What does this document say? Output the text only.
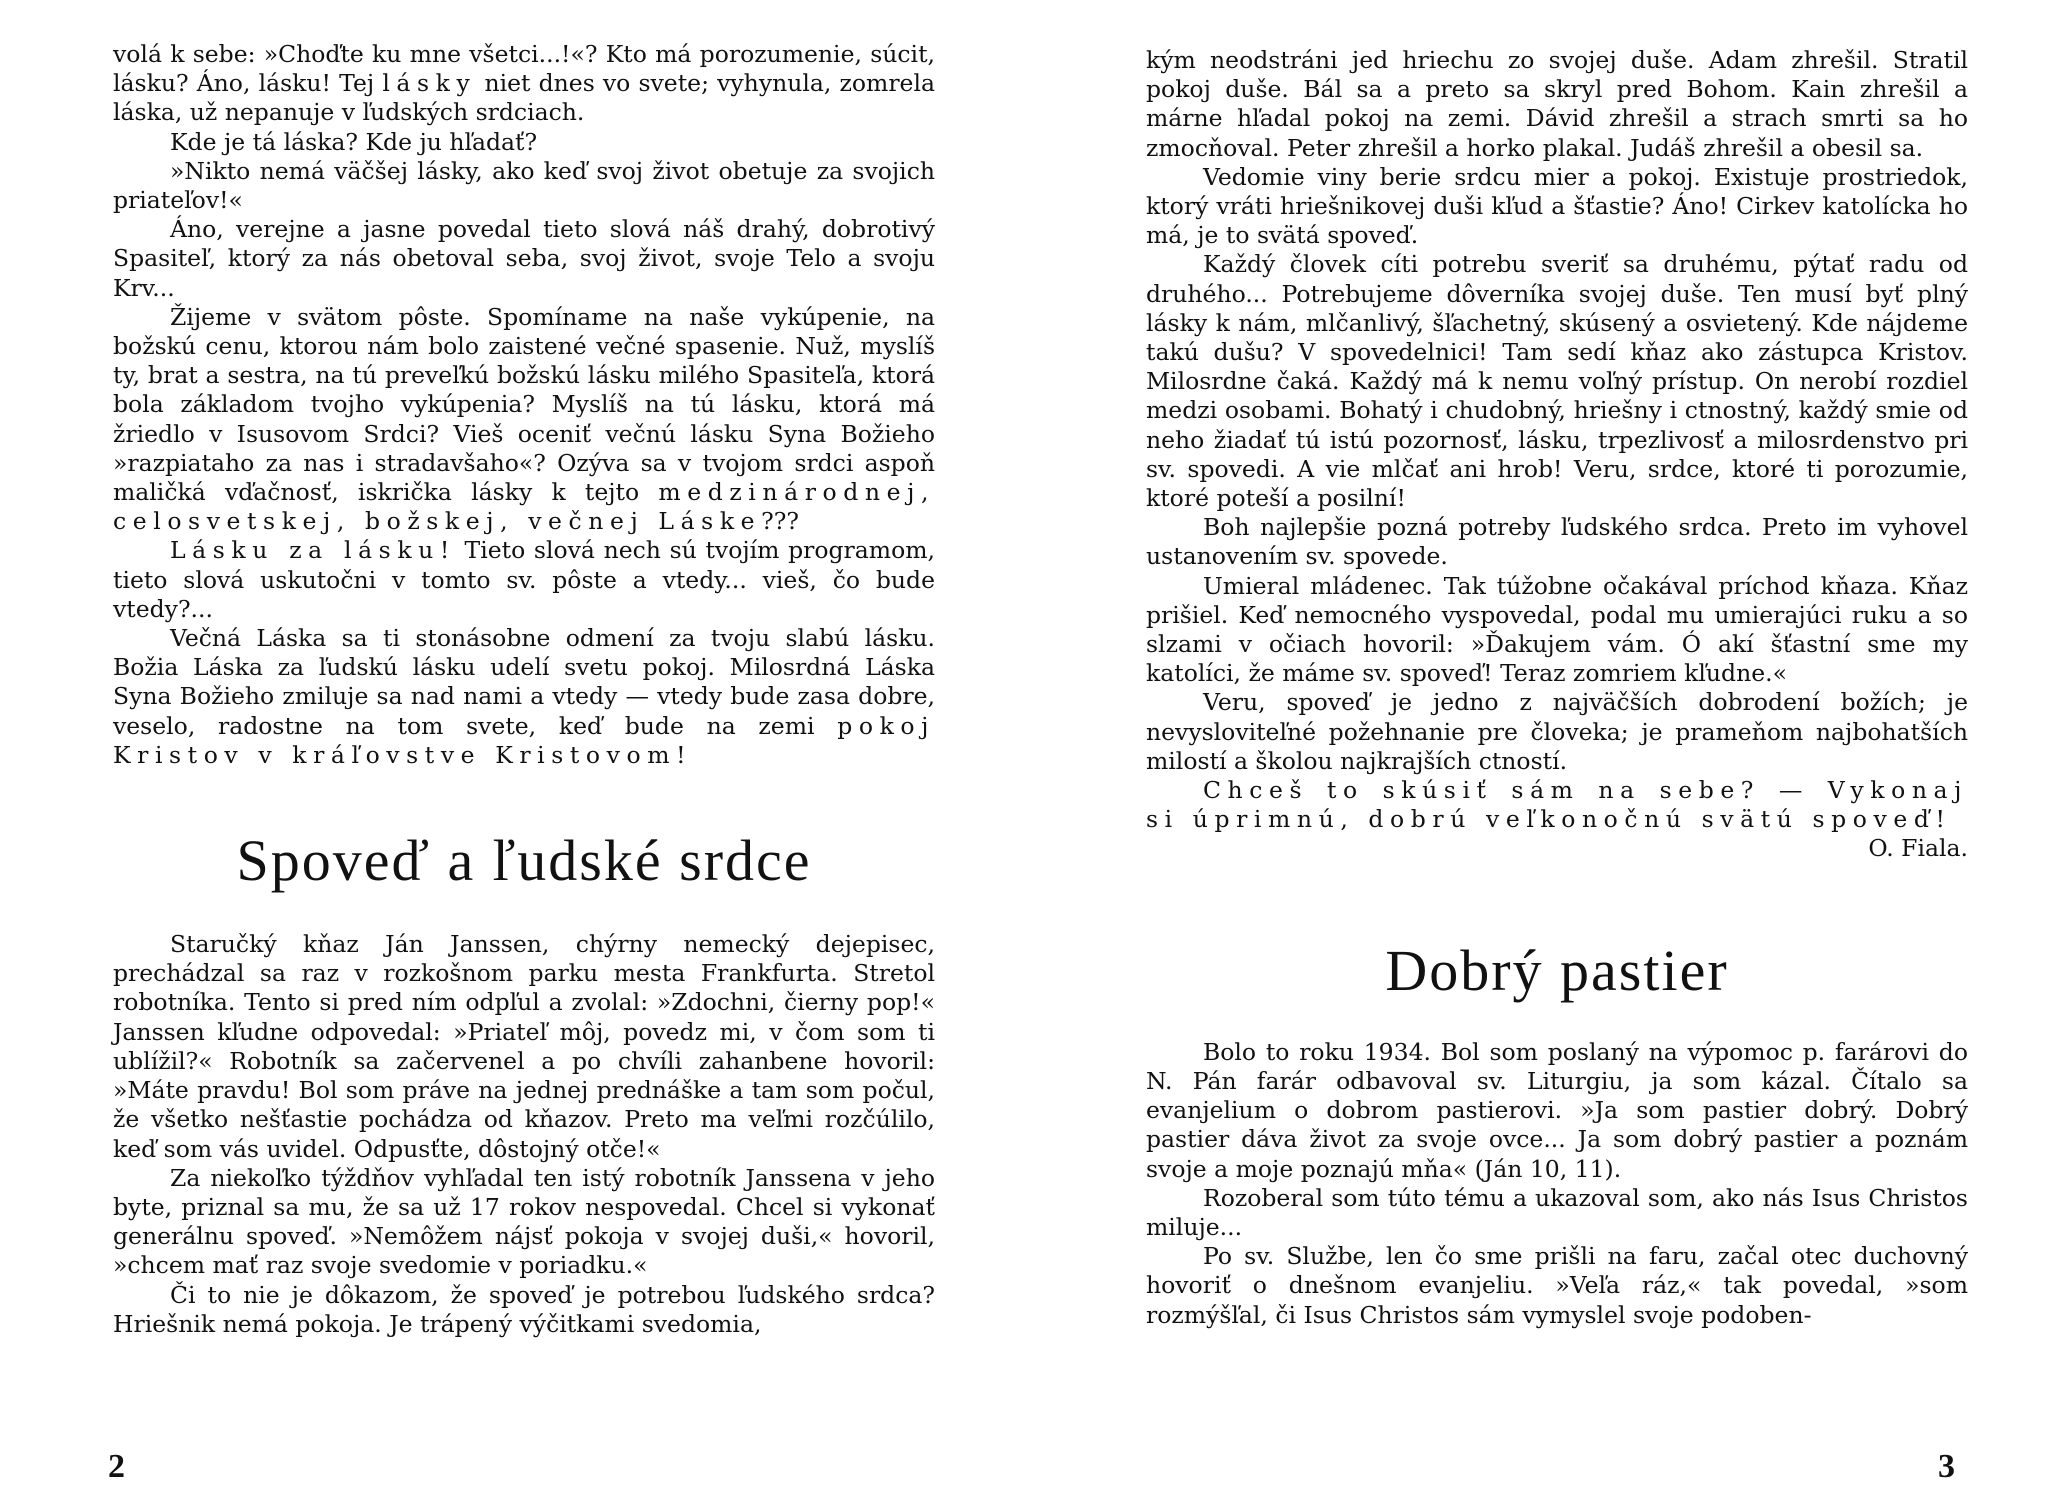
volá k sebe: »Choďte ku mne všetci...!«? Kto má porozumenie, súcit, lásku? Áno, lásku! Tej lásky niet dnes vo svete; vyhynula, zomrela láska, už nepanuje v ľudských srdciach.

Kde je tá láska? Kde ju hľadať?

»Nikto nemá väčšej lásky, ako keď svoj život obetuje za svojich priateľov!«

Áno, verejne a jasne povedal tieto slová náš drahý, dobrotivý Spasiteľ, ktorý za nás obetoval seba, svoj život, svoje Telo a svoju Krv...

Žijeme v svätom pôste. Spomíname na naše vykúpenie, na božskú cenu, ktorou nám bolo zaistené večné spasenie. Nuž, myslíš ty, brat a sestra, na tú preveľkú božskú lásku milého Spasiteľa, ktorá bola základom tvojho vykúpenia? Myslíš na tú lásku, ktorá má žriedlo v Isusovom Srdci? Vieš oceniť večnú lásku Syna Božieho »razpiataho za nas i stradavšaho«? Ozýva sa v tvojom srdci aspoň maličká vďačnosť, iskrička lásky k tejto medzinárodnej, celosvetskej, božskej, večnej Láske???

Lásku za lásku! Tieto slová nech sú tvojím programom, tieto slová uskutočni v tomto sv. pôste a vtedy... vieš, čo bude vtedy?...

Večná Láska sa ti stonásobne odmení za tvoju slabú lásku. Božia Láska za ľudskú lásku udelí svetu pokoj. Milosrdná Láska Syna Božieho zmiluje sa nad nami a vtedy — vtedy bude zasa dobre, veselo, radostne na tom svete, keď bude na zemi pokoj Kristov v kráľovstve Kristovom!

Spoveď a ľudské srdce

Staručký kňaz Ján Janssen, chýrny nemecký dejepisec, prechádzal sa raz v rozkošnom parku mesta Frankfurta. Stretol robotníka. Tento si pred ním odpľul a zvolal: »Zdochni, čierny pop!« Janssen kľudne odpovedal: »Priateľ môj, povedz mi, v čom som ti ublížil?« Robotník sa začervenel a po chvíli zahanbene hovoril: »Máte pravdu! Bol som práve na jednej prednáške a tam som počul, že všetko nešťastie pochádza od kňazov. Preto ma veľmi rozčúlilo, keď som vás uvidel. Odpusťte, dôstojný otče!«

Za niekoľko týždňov vyhľadal ten istý robotník Janssena v jeho byte, priznal sa mu, že sa už 17 rokov nespovedal. Chcel si vykonať generálnu spoveď. »Nemôžem nájsť pokoja v svojej duši,« hovoril, »chcem mať raz svoje svedomie v poriadku.«

Či to nie je dôkazom, že spoveď je potrebou ľudského srdca? Hriešnik nemá pokoja. Je trápený výčitkami svedomia,

2

kým neodstráni jed hriechu zo svojej duše. Adam zhrešil. Stratil pokoj duše. Bál sa a preto sa skryl pred Bohom. Kain zhrešil a márne hľadal pokoj na zemi. Dávid zhrešil a strach smrti sa ho zmocňoval. Peter zhrešil a horko plakal. Judáš zhrešil a obesil sa.

Vedomie viny berie srdcu mier a pokoj. Existuje prostriedok, ktorý vráti hriešnikovej duši kľud a šťastie? Áno! Cirkev katolícka ho má, je to svätá spoveď.

Každý človek cíti potrebu sveriť sa druhému, pýtať radu od druhého... Potrebujeme dôverníka svojej duše. Ten musí byť plný lásky k nám, mlčanlivý, šľachetný, skúsený a osvietený. Kde nájdeme takú dušu? V spovedelnici! Tam sedí kňaz ako zástupca Kristov. Milosrdne čaká. Každý má k nemu voľný prístup. On nerobí rozdiel medzi osobami. Bohatý i chudobný, hriešny i ctnostný, každý smie od neho žiadať tú istú pozornosť, lásku, trpezlivosť a milosrdenstvo pri sv. spovedi. A vie mlčať ani hrob! Veru, srdce, ktoré ti porozumie, ktoré poteší a posilní!

Boh najlepšie pozná potreby ľudského srdca. Preto im vyhovel ustanovením sv. spovede.

Umieral mládenec. Tak túžobne očakával príchod kňaza. Kňaz prišiel. Keď nemocného vyspovedal, podal mu umierajúci ruku a so slzami v očiach hovoril: »Ďakujem vám. Ó akí šťastní sme my katolíci, že máme sv. spoveď! Teraz zomriem kľudne.«

Veru, spoveď je jedno z najväčších dobrodení božích; je nevysloviteľné požehnanie pre človeka; je prameňom najbohatších milostí a školou najkrajších ctností.

Chceš to skúsiť sám na sebe? — Vykonaj si úprimnú, dobrú veľkonočnú svätú spoveď!

O. Fiala.

Dobrý pastier

Bolo to roku 1934. Bol som poslaný na výpomoc p. farárovi do N. Pán farár odbavoval sv. Liturgiu, ja som kázal. Čítalo sa evanjelium o dobrom pastierovi. »Ja som pastier dobrý. Dobrý pastier dáva život za svoje ovce... Ja som dobrý pastier a poznám svoje a moje poznajú mňa« (Ján 10, 11).

Rozoberal som túto tému a ukazoval som, ako nás Isus Christos miluje...

Po sv. Službe, len čo sme prišli na faru, začal otec duchovný hovoriť o dnešnom evanjeliu. »Veľa ráz,« tak povedal, »som rozmýšľal, či Isus Christos sám vymyslel svoje podoben-

3
